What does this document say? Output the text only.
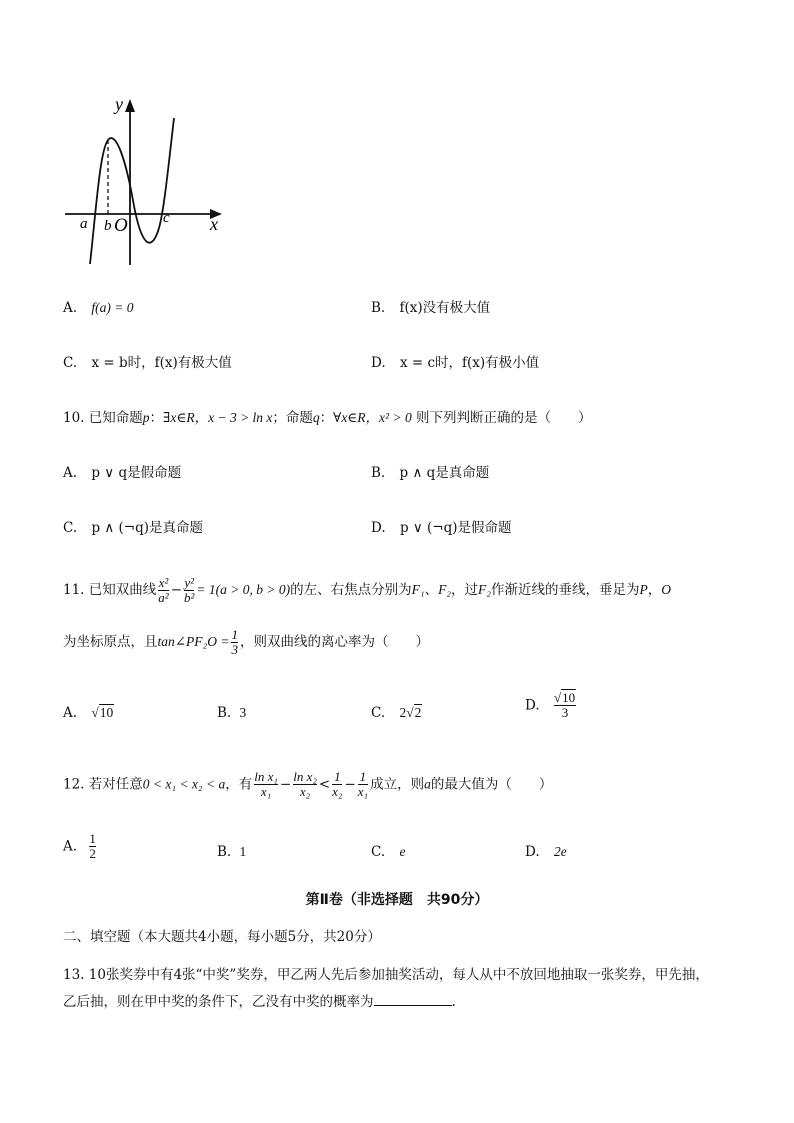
y
x
a b O c
A. f(a) = 0	B. f(x)没有极大值
C. x = b时，f(x)有极大值	D. x = c时，f(x)有极小值
10. 已知命题p：∃x∈R，x − 3 > ln x；命题q：∀x∈R，x² > 0 则下列判断正确的是（　　）
A. p ∨ q是假命题	B. p ∧ q是真命题
C. p ∧ (¬q)是真命题	D. p ∨ (¬q)是假命题
11. 已知双曲线 $\frac{\text{x²}}{\text{a²}} - \frac{\text{y²}}{\text{b²}} = 1(a > 0$, b > 0)的左、右焦点分别为F₁、F₂，过F₂作渐近线的垂线，垂足为P，O
为坐标原点，且tan∠PF₂O = $\frac{1}{3}$ ，则双曲线的离心率为（　　）
A. √10	B. 3	C. 2√2	D. $\frac{√10}{3}$
12. 若对任意0 < x₁ < x₂ < a，有 $\frac{\text{ln x₁}}{\text{x₁}} - \frac{\text{ln x₂}}{\text{x₂}} < \frac{1}{\text{x₂}} - \frac{1}{\text{x₁}}$ 成立，则a的最大值为（　　）
A. $\frac{1}{2}$	B. 1	C. e	D. 2e
第Ⅱ卷（非选择题　共90分）
二、填空题（本大题共4小题，每小题5分，共20分）
13. 10张奖券中有4张“中奖”奖券，甲乙两人先后参加抽奖活动，每人从中不放回地抽取一张奖券，甲先抽，
乙后抽，则在甲中奖的条件下，乙没有中奖的概率为	.
